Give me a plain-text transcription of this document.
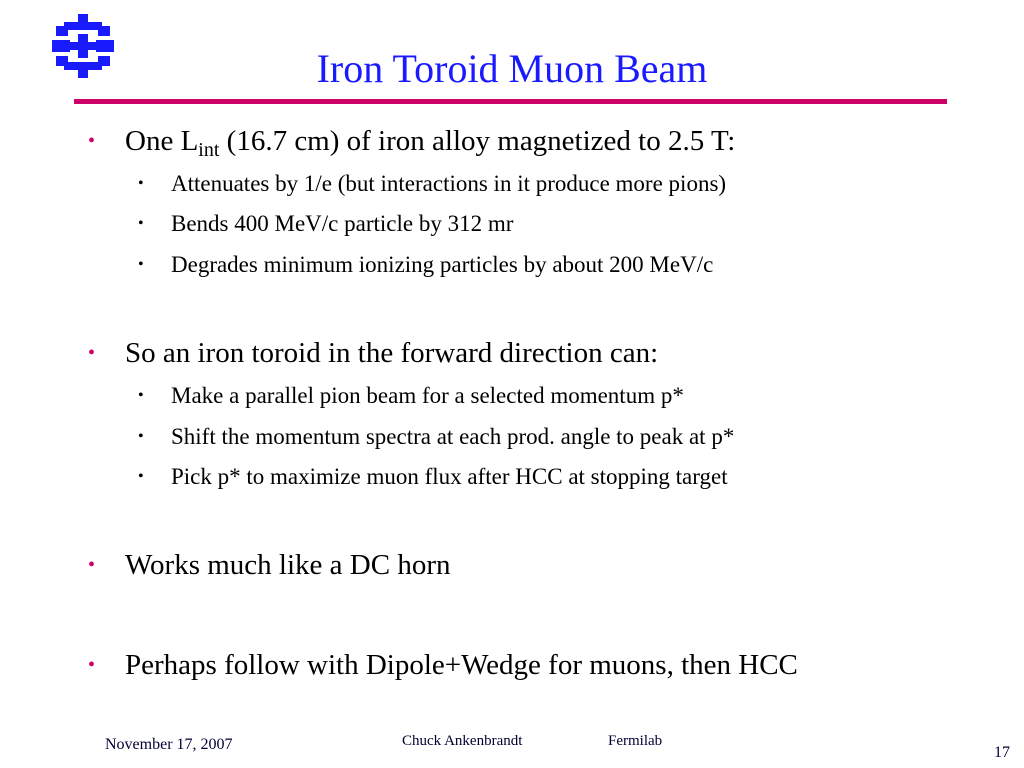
Iron Toroid Muon Beam
•	One $L_{int}$ (16.7 cm) of iron alloy magnetized to 2.5 T:
•	Attenuates by 1/e (but interactions in it produce more pions)
•	Bends 400 MeV/c particle by 312 mr
•	Degrades minimum ionizing particles by about 200 MeV/c
•	So an iron toroid in the forward direction can:
•	Make a parallel pion beam for a selected momentum p*
•	Shift the momentum spectra at each prod. angle to peak at p*
•	Pick p* to maximize muon flux after HCC at stopping target
•	Works much like a DC horn
•	Perhaps follow with Dipole+Wedge for muons, then HCC
November 17, 2007	Chuck Ankenbrandt	Fermilab
17
